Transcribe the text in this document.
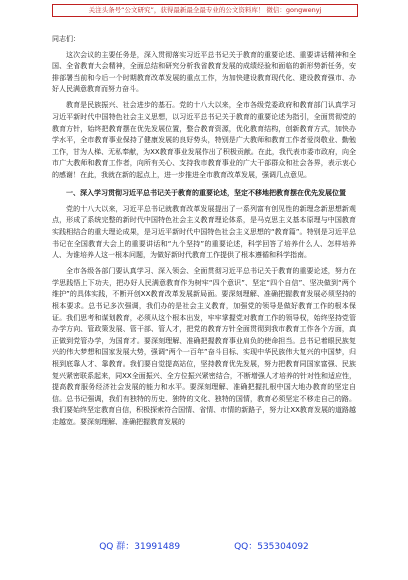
关注头条号“公文研究”，获得最新最全最专业的公文资料库！ 微信：gongwenyj

同志们：

这次会议的主要任务是，深入贯彻落实习近平总书记关于教育的重要论述、重要讲话精神和全国、全省教育大会精神，全面总结和研究分析我省教育发展的成绩经验和面临的新形势新任务，安排部署当前和今后一个时期教育改革发展的重点工作，为加快建设教育现代化、建设教育强市、办好人民满意教育而努力奋斗。

教育是民族振兴、社会进步的基石。党的十八大以来，全市各级党委政府和教育部门认真学习习近平新时代中国特色社会主义思想，以习近平总书记关于教育的重要论述为指引，全面贯彻党的教育方针，始终把教育摆在优先发展位置，整合教育资源，优化教育结构，创新教育方式，加快办学水平，全市教育事业保持了健康发展的良好势头，特别是广大教师和教育工作者爱岗敬业、勤勉工作，甘为人梯、无私奉献，为XX教育事业发展作出了积极贡献。在此，我代表市委市政府，向全市广大教师和教育工作者，向所有关心、支持我市教育事业的广大干部群众和社会各界，表示衷心的感谢！在此，我就在新的起点上，进一步推进全市教育改革发展，强调几点意见。

一、深入学习贯彻习近平总书记关于教育的重要论述，坚定不移地把教育摆在优先发展位置

党的十八大以来，习近平总书记就教育改革发展提出了一系列富有创见性的新理念新思想新观点，形成了系统完整的新时代中国特色社会主义教育理论体系，是马克思主义基本原理与中国教育实践相结合的重大理论成果，是习近平新时代中国特色社会主义思想的“教育篇”。特别是习近平总书记在全国教育大会上的重要讲话和“九个坚持”的重要论述，科学回答了培养什么人、怎样培养人、为谁培养人这一根本问题，为做好新时代教育工作提供了根本遵循和科学指南。

全市各级各部门要认真学习、深入领会、全面贯彻习近平总书记关于教育的重要论述，努力在学思践悟上下功夫，把办好人民满意教育作为树牢“四个意识”、坚定“四个自信”、坚决做到“两个维护”的具体实践，不断开创XX教育改革发展新局面。要深刻理解、准确把握教育发展必须坚持的根本要求。总书记多次强调，我们办的是社会主义教育，加强党的领导是做好教育工作的根本保证。我们思考和谋划教育，必须从这个根本出发，牢牢掌握党对教育工作的领导权，始终坚持党管办学方向、管政策发展、管干部、管人才，把党的教育方针全面贯彻到我市教育工作各个方面，真正做到党管办学，为国育才。要深刻理解、准确把握教育事业肩负的使命担当。总书记着眼民族复兴的伟大梦想和国家发展大势，强调“两个一百年”奋斗目标、实现中华民族伟大复兴的中国梦，归根到底靠人才、靠教育。我们要自觉提高站位，坚持教育优先发展，努力把教育同国家富强、民族复兴紧密联系起来，同XX全面振兴、全方位振兴紧密结合，不断增强人才培养的针对性和适应性，提高教育服务经济社会发展的能力和水平。要深刻理解、准确把握扎根中国大地办教育的坚定自信。总书记强调，我们有独特的历史、独特的文化、独特的国情，教育必须坚定不移走自己的路。我们要始终坚定教育自信，积极探索符合国情、省情、市情的新路子，努力让XX教育发展的道路越走越宽。要深刻理解、准确把握教育发展的

QQ 群：31991489	QQ：535304092
